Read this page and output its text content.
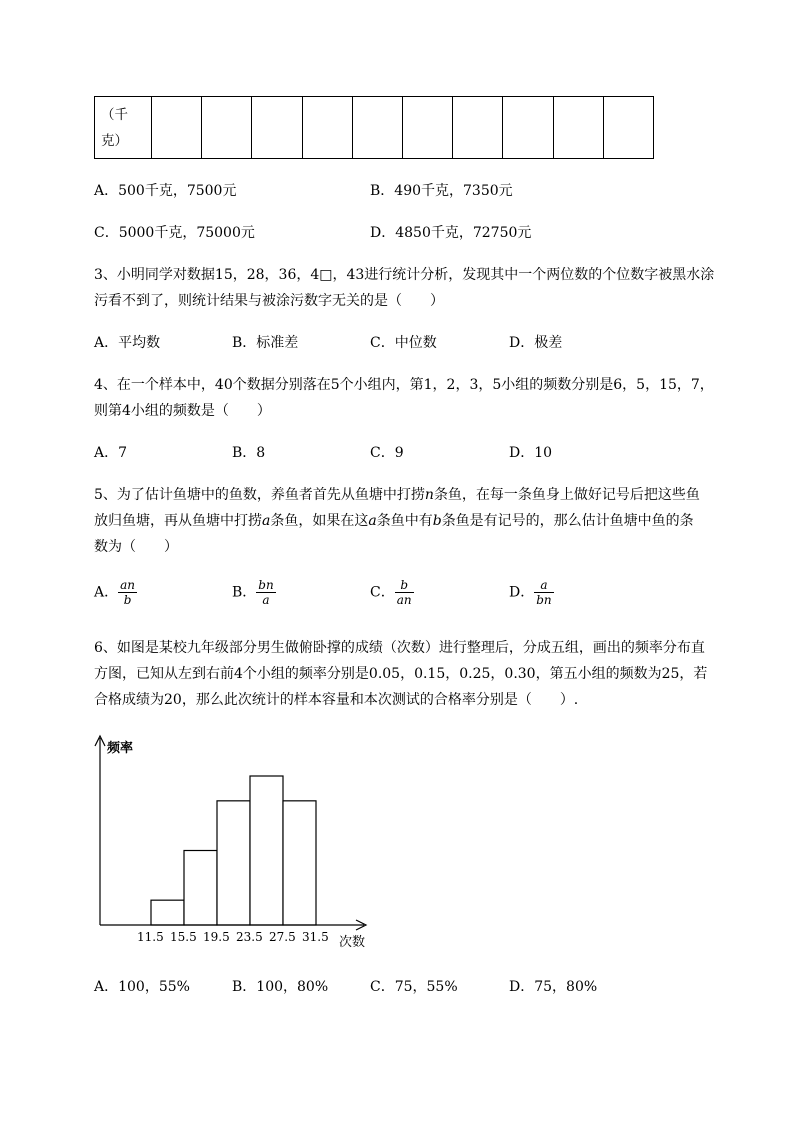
（千
克）										
A．500千克，7500元	B．490千克，7350元
C．5000千克，75000元	D．4850千克，72750元
3、小明同学对数据15，28，36，4□，43进行统计分析，发现其中一个两位数的个位数字被黑水涂
污看不到了，则统计结果与被涂污数字无关的是（　　）
A．平均数	B．标准差	C．中位数	D．极差
4、在一个样本中，40个数据分别落在5个小组内，第1，2，3，5小组的频数分别是6，5，15，7，
则第4小组的频数是（　　）
A．7	B．8	C．9	D．10
5、为了估计鱼塘中的鱼数，养鱼者首先从鱼塘中打捞n条鱼，在每一条鱼身上做好记号后把这些鱼
放归鱼塘，再从鱼塘中打捞a条鱼，如果在这a条鱼中有b条鱼是有记号的，那么估计鱼塘中鱼的条
数为（　　）
A． $\frac{an}{b}$	B． $\frac{bn}{a}$	C． $\frac{b}{an}$	D． $\frac{a}{bn}$
6、如图是某校九年级部分男生做俯卧撑的成绩（次数）进行整理后，分成五组，画出的频率分布直
方图，已知从左到右前4个小组的频率分别是0.05，0.15，0.25，0.30，第五小组的频数为25，若
合格成绩为20，那么此次统计的样本容量和本次测试的合格率分别是（　　）.
频率
次数
11.5 15.5 19.5 23.5 27.5 31.5
A．100，55%	B．100，80%	C．75，55%	D．75，80%
